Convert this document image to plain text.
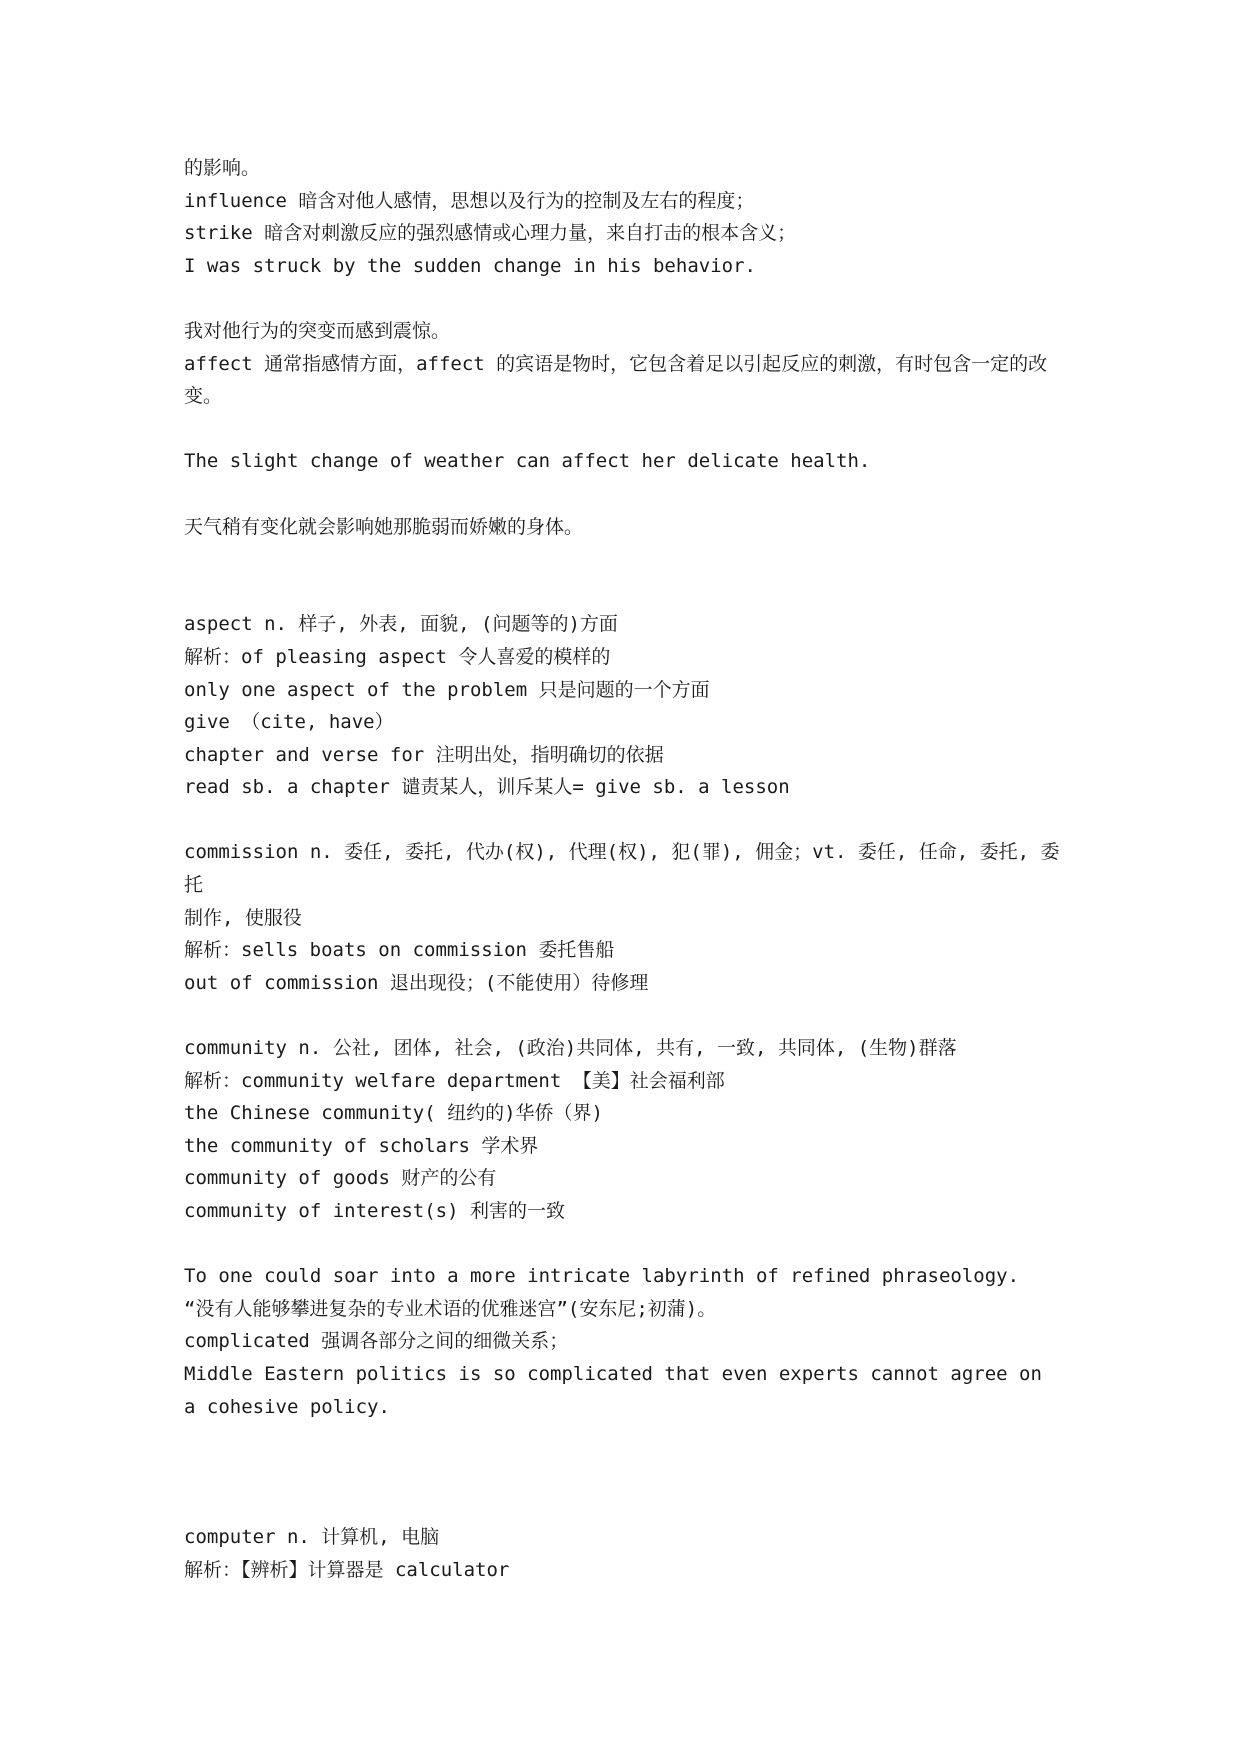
的影响。
influence 暗含对他人感情，思想以及行为的控制及左右的程度；
strike 暗含对刺激反应的强烈感情或心理力量，来自打击的根本含义；
I was struck by the sudden change in his behavior.
我对他行为的突变而感到震惊。
affect 通常指感情方面，affect 的宾语是物时，它包含着足以引起反应的刺激，有时包含一定的改变。
The slight change of weather can affect her delicate health.
天气稍有变化就会影响她那脆弱而娇嫩的身体。
aspect n. 样子, 外表, 面貌, (问题等的)方面
解析：of pleasing aspect 令人喜爱的模样的
only one aspect of the problem 只是问题的一个方面
give （cite, have）
chapter and verse for 注明出处，指明确切的依据
read sb. a chapter 谴责某人，训斥某人= give sb. a lesson
commission n. 委任, 委托, 代办(权), 代理(权), 犯(罪), 佣金；vt. 委任, 任命, 委托, 委托
制作, 使服役
解析：sells boats on commission 委托售船
out of commission 退出现役；(不能使用）待修理
community n. 公社, 团体, 社会, (政治)共同体, 共有, 一致, 共同体, (生物)群落
解析：community welfare department 【美】社会福利部
the Chinese community( 纽约的)华侨（界)
the community of scholars 学术界
community of goods 财产的公有
community of interest(s) 利害的一致
To one could soar into a more intricate labyrinth of refined phraseology.
“没有人能够攀进复杂的专业术语的优雅迷宫”(安东尼;初蒲)。
complicated 强调各部分之间的细微关系；
Middle Eastern politics is so complicated that even experts cannot agree on a cohesive policy.
computer n. 计算机, 电脑
解析：【辨析】计算器是 calculator
